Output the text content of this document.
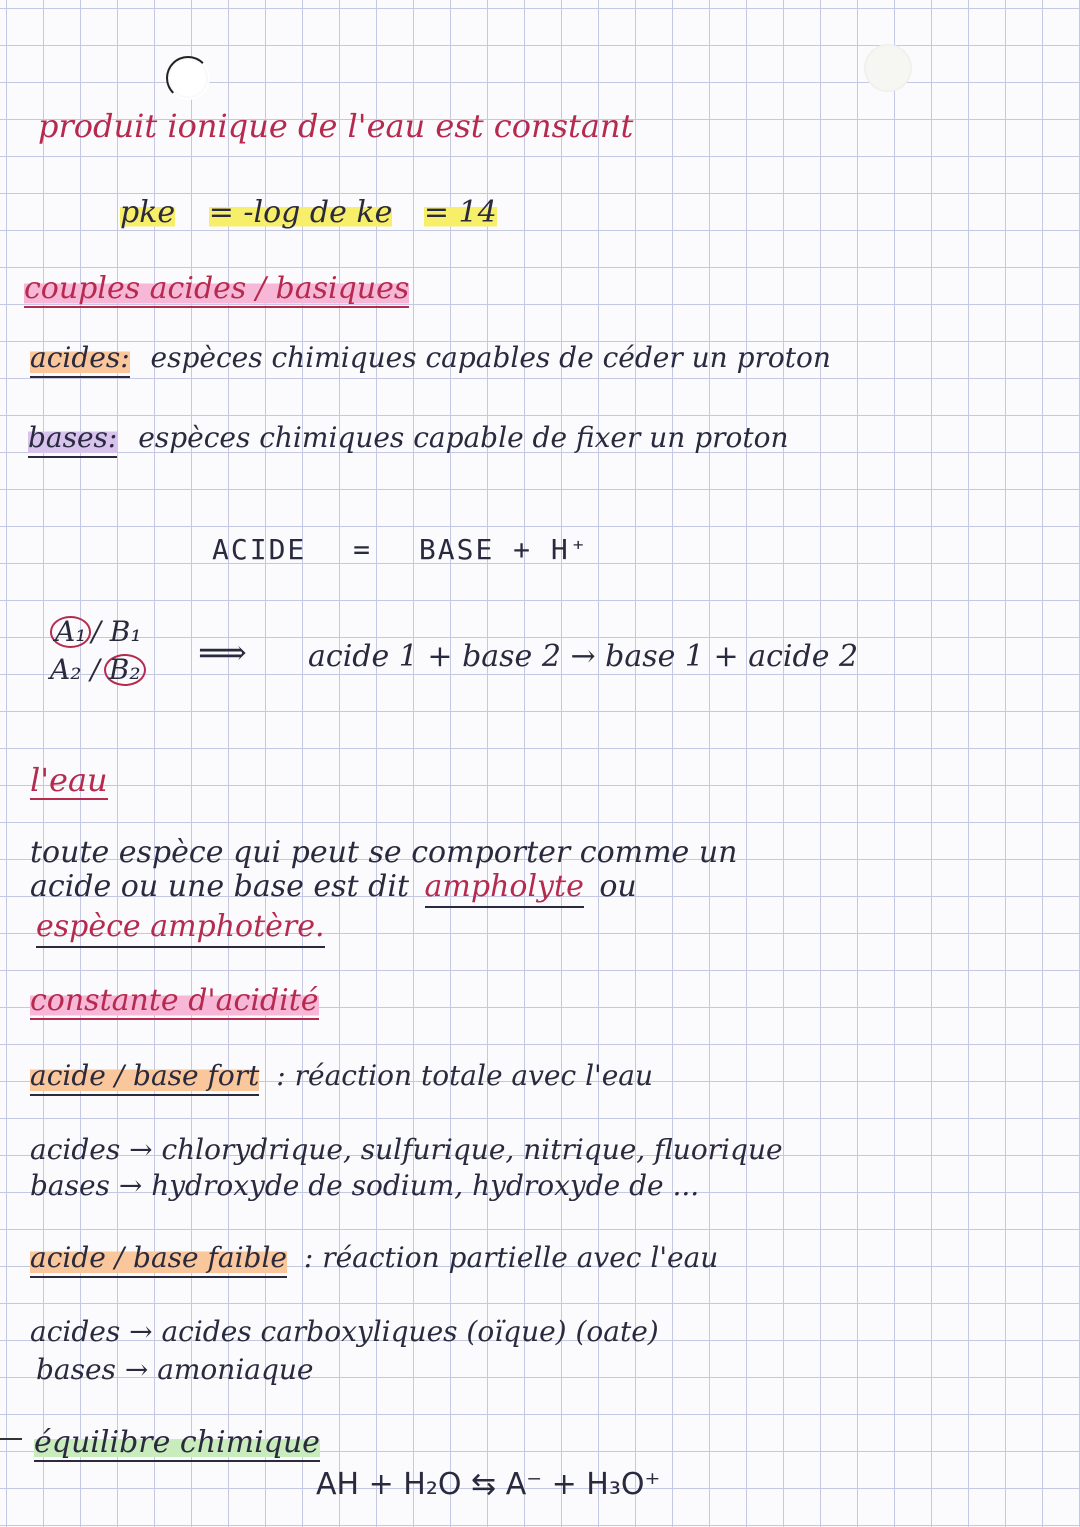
produit ionique de l'eau est constant
pke = -log de ke = 14
couples acides / basiques
acides: espèces chimiques capables de céder un proton
bases: espèces chimiques capable de fixer un proton
ACIDE = BASE + H⁺
A₁ / B₁
A₂ / B₂ ⟹ acide 1 + base 2 → base 1 + acide 2
l'eau
toute espèce qui peut se comporter comme un
acide ou une base est dit ampholyte ou
espèce amphotère.
constante d'acidité
acide / base fort : réaction totale avec l'eau
acides → chlorydrique, sulfurique, nitrique, fluorique
bases → hydroxyde de sodium, hydroxyde de ...
acide / base faible : réaction partielle avec l'eau
acides → acides carboxyliques (oïque) (oate)
bases → amoniaque
équilibre chimique
AH + H₂O ⇆ A⁻ + H₃O⁺
